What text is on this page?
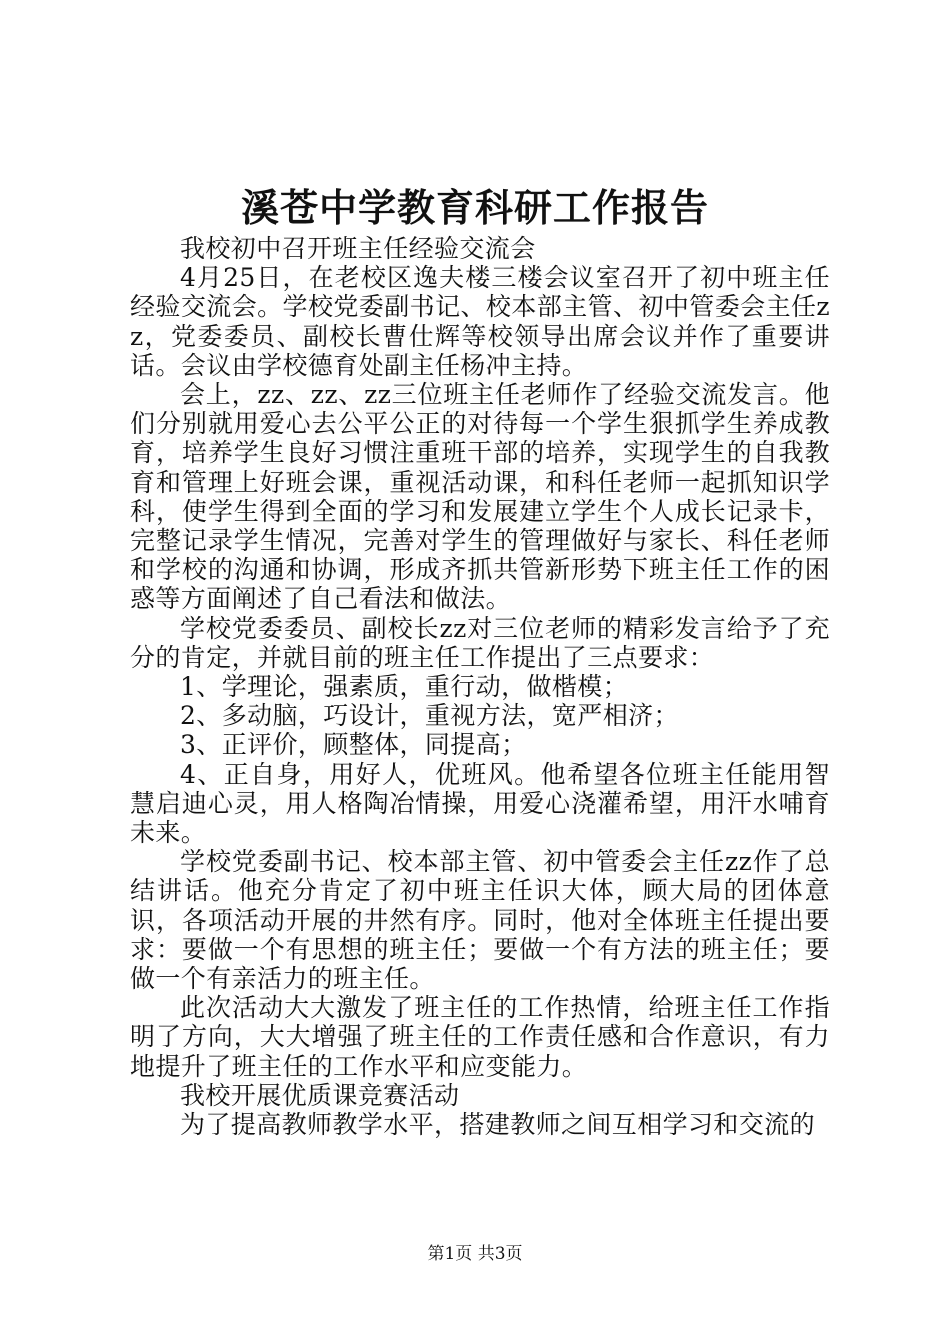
溪苍中学教育科研工作报告

我校初中召开班主任经验交流会

4月25日，在老校区逸夫楼三楼会议室召开了初中班主任经验交流会。学校党委副书记、校本部主管、初中管委会主任zz，党委委员、副校长曹仕辉等校领导出席会议并作了重要讲话。会议由学校德育处副主任杨冲主持。

会上，zz、zz、zz三位班主任老师作了经验交流发言。他们分别就用爱心去公平公正的对待每一个学生狠抓学生养成教育，培养学生良好习惯注重班干部的培养，实现学生的自我教育和管理上好班会课，重视活动课，和科任老师一起抓知识学科，使学生得到全面的学习和发展建立学生个人成长记录卡，完整记录学生情况，完善对学生的管理做好与家长、科任老师和学校的沟通和协调，形成齐抓共管新形势下班主任工作的困惑等方面阐述了自己看法和做法。

学校党委委员、副校长zz对三位老师的精彩发言给予了充分的肯定，并就目前的班主任工作提出了三点要求：

1、学理论，强素质，重行动，做楷模；

2、多动脑，巧设计，重视方法，宽严相济；

3、正评价，顾整体，同提高；

4、正自身，用好人，优班风。他希望各位班主任能用智慧启迪心灵，用人格陶冶情操，用爱心浇灌希望，用汗水哺育未来。

学校党委副书记、校本部主管、初中管委会主任zz作了总结讲话。他充分肯定了初中班主任识大体，顾大局的团体意识，各项活动开展的井然有序。同时，他对全体班主任提出要求：要做一个有思想的班主任；要做一个有方法的班主任；要做一个有亲活力的班主任。

此次活动大大激发了班主任的工作热情，给班主任工作指明了方向，大大增强了班主任的工作责任感和合作意识，有力地提升了班主任的工作水平和应变能力。

我校开展优质课竞赛活动

为了提高教师教学水平，搭建教师之间互相学习和交流的

第1页 共3页
